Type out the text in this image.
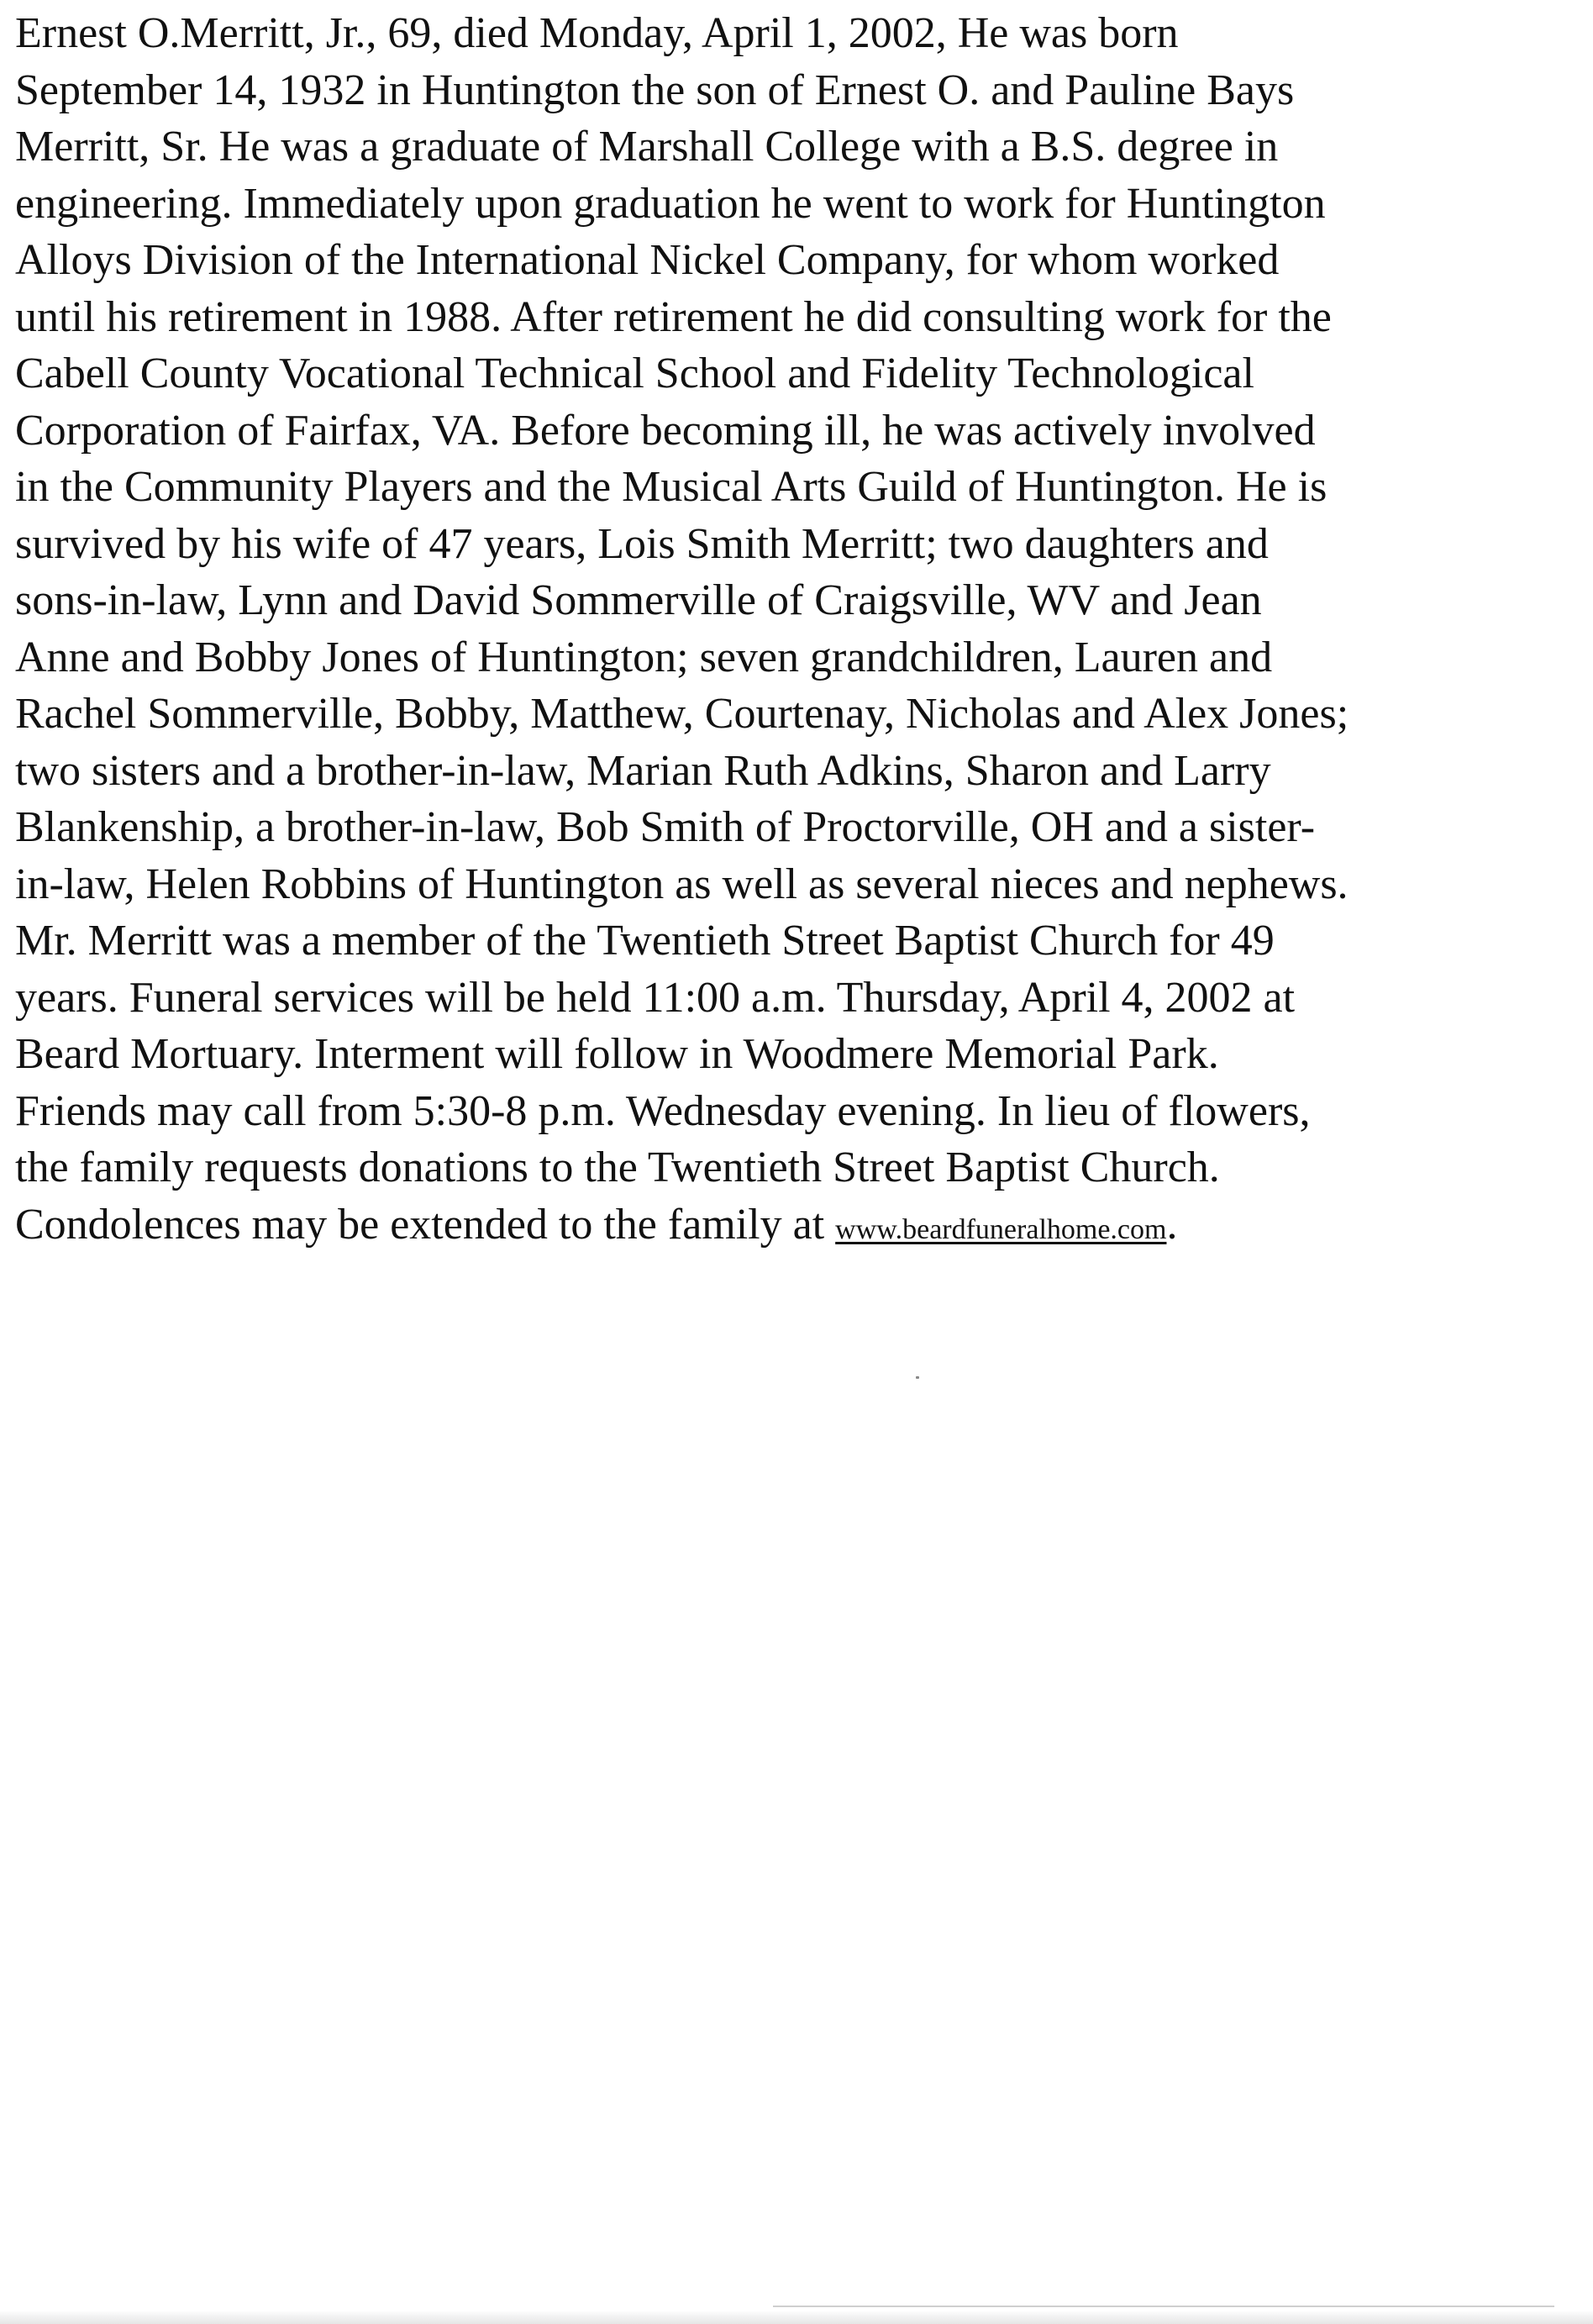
Ernest O.Merritt, Jr., 69, died Monday, April 1, 2002, He was born
September 14, 1932 in Huntington the son of Ernest O. and Pauline Bays
Merritt, Sr. He was a graduate of Marshall College with a B.S. degree in
engineering. Immediately upon graduation he went to work for Huntington
Alloys Division of the International Nickel Company, for whom worked
until his retirement in 1988. After retirement he did consulting work for the
Cabell County Vocational Technical School and Fidelity Technological
Corporation of Fairfax, VA. Before becoming ill, he was actively involved
in the Community Players and the Musical Arts Guild of Huntington. He is
survived by his wife of 47 years, Lois Smith Merritt; two daughters and
sons-in-law, Lynn and David Sommerville of Craigsville, WV and Jean
Anne and Bobby Jones of Huntington; seven grandchildren, Lauren and
Rachel Sommerville, Bobby, Matthew, Courtenay, Nicholas and Alex Jones;
two sisters and a brother-in-law, Marian Ruth Adkins, Sharon and Larry
Blankenship, a brother-in-law, Bob Smith of Proctorville, OH and a sister-
in-law, Helen Robbins of Huntington as well as several nieces and nephews.
Mr. Merritt was a member of the Twentieth Street Baptist Church for 49
years. Funeral services will be held 11:00 a.m. Thursday, April 4, 2002 at
Beard Mortuary. Interment will follow in Woodmere Memorial Park.
Friends may call from 5:30-8 p.m. Wednesday evening. In lieu of flowers,
the family requests donations to the Twentieth Street Baptist Church.
Condolences may be extended to the family at www.beardfuneralhome.com.
